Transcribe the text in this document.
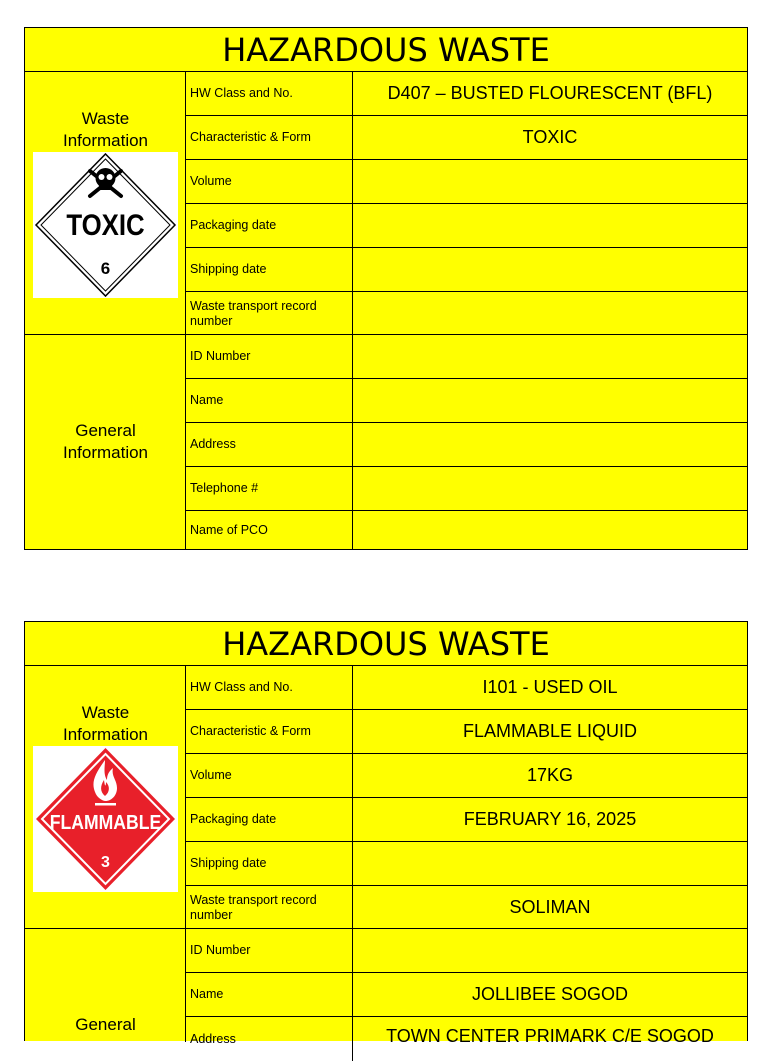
HAZARDOUS WASTE
Waste
Information
TOXIC
6
HW Class and No.	D407 – BUSTED FLOURESCENT (BFL)
Characteristic & Form	TOXIC
Volume
Packaging date
Shipping date
Waste transport record number
General
Information
ID Number
Name
Address
Telephone #
Name of PCO
HAZARDOUS WASTE
Waste
Information
FLAMMABLE
3
HW Class and No.	I101 - USED OIL
Characteristic & Form	FLAMMABLE LIQUID
Volume	17KG
Packaging date	FEBRUARY 16, 2025
Shipping date
Waste transport record number	SOLIMAN
General
ID Number
Name	JOLLIBEE SOGOD
Address	TOWN CENTER PRIMARK C/E SOGOD
